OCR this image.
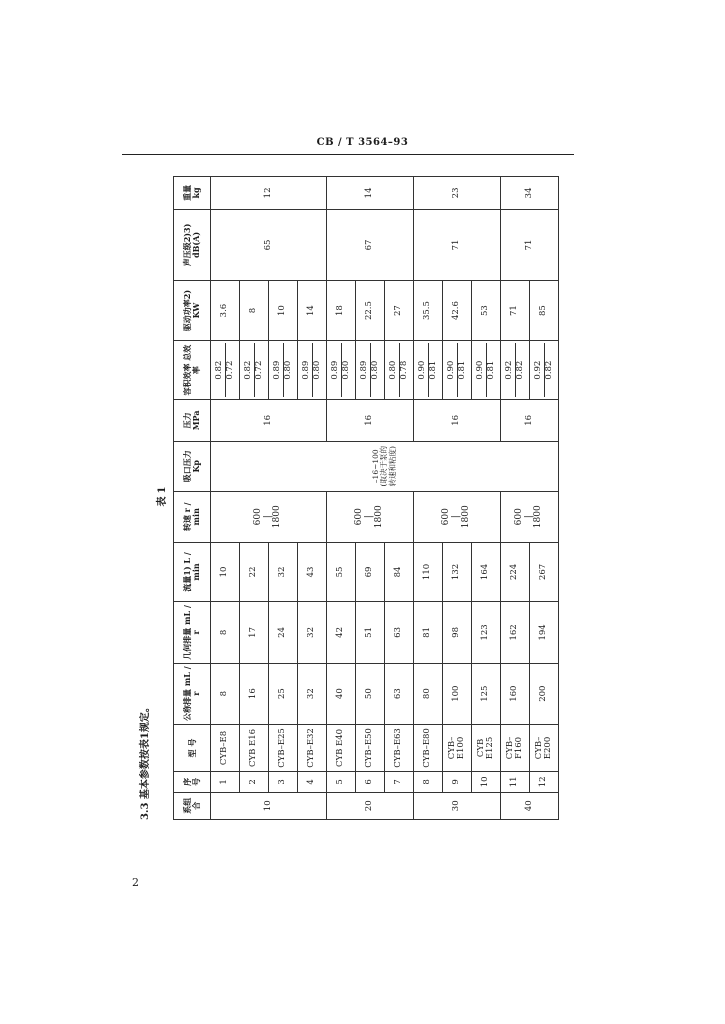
CB / T 3564–93
3.3 基本参数按表1规定。
表1
系组合	序号	型 号	公称排量 mL / r	几何排量 mL / r	流量1) L / min	转速 r / min	吸口压力 Kp	压力 MPa	容积效率 总效率	驱动功率2) KW	声压级2)3) dB(A)	重量 kg
10	1	CYB–E8	8	8	10	600 | 1800	–16~100 (取决于泵的 转速和粘度)	16	0.82 0.72	3.6	65	12
	2	CYB E16	16	17	22				0.82 0.72	8		
	3	CYB–E25	25	24	32				0.89 0.80	10		
	4	CYB–E32	32	32	43				0.89 0.80	14		
20	5	CYB E40	40	42	55	600 | 1800		16	0.89 0.80	18	67	14
	6	CYB–E50	50	51	69				0.89 0.80	22.5		
	7	CYB–E63	63	63	84				0.80 0.78	27		
30	8	CYB–E80	80	81	110	600 | 1800		16	0.90 0.81	35.5	71	23
	9	CYB–E100	100	98	132				0.90 0.81	42.6		
	10	CYB E125	125	123	164				0.90 0.81	53		
40	11	CYB–F160	160	162	224	600 | 1800		16	0.92 0.82	71	71	34
	12	CYB–E200	200	194	267				0.92 0.82	85		
2
